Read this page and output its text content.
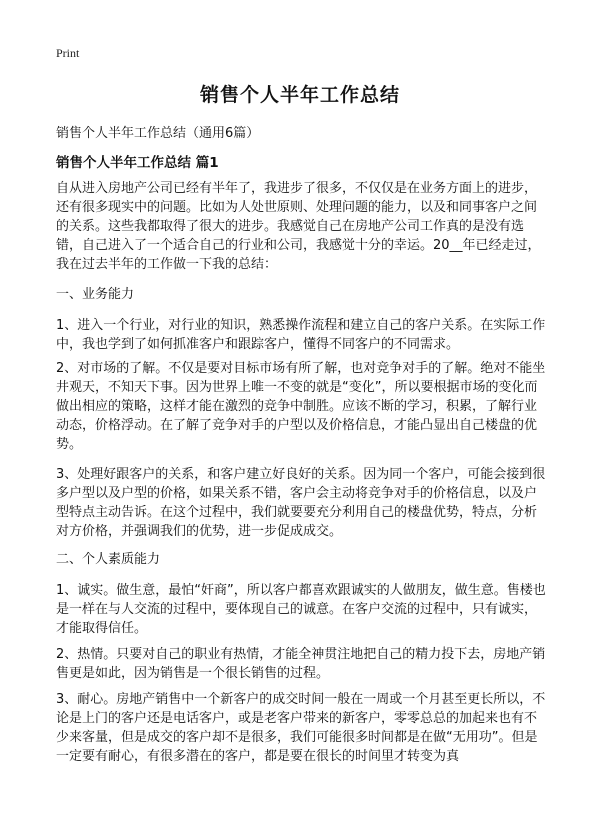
Print
销售个人半年工作总结
销售个人半年工作总结（通用6篇）
销售个人半年工作总结 篇1

自从进入房地产公司已经有半年了，我进步了很多，不仅仅是在业务方面上的进步，还有很多现实中的问题。比如为人处世原则、处理问题的能力，以及和同事客户之间的关系。这些我都取得了很大的进步。我感觉自己在房地产公司工作真的是没有选错，自己进入了一个适合自己的行业和公司，我感觉十分的幸运。20__年已经走过，我在过去半年的工作做一下我的总结：

一、业务能力

1、进入一个行业，对行业的知识，熟悉操作流程和建立自己的客户关系。在实际工作中，我也学到了如何抓准客户和跟踪客户，懂得不同客户的不同需求。

2、对市场的了解。不仅是要对目标市场有所了解，也对竞争对手的了解。绝对不能坐井观天，不知天下事。因为世界上唯一不变的就是“变化”，所以要根据市场的变化而做出相应的策略，这样才能在激烈的竞争中制胜。应该不断的学习，积累，了解行业动态，价格浮动。在了解了竞争对手的户型以及价格信息，才能凸显出自己楼盘的优势。

3、处理好跟客户的关系，和客户建立好良好的关系。因为同一个客户，可能会接到很多户型以及户型的价格，如果关系不错，客户会主动将竞争对手的价格信息，以及户型特点主动告诉。在这个过程中，我们就要要充分利用自己的楼盘优势，特点，分析对方价格，并强调我们的优势，进一步促成成交。

二、个人素质能力

1、诚实。做生意，最怕“奸商”，所以客户都喜欢跟诚实的人做朋友，做生意。售楼也是一样在与人交流的过程中，要体现自己的诚意。在客户交流的过程中，只有诚实，才能取得信任。

2、热情。只要对自己的职业有热情，才能全神贯注地把自己的精力投下去，房地产销售更是如此，因为销售是一个很长销售的过程。

3、耐心。房地产销售中一个新客户的成交时间一般在一周或一个月甚至更长所以，不论是上门的客户还是电话客户，或是老客户带来的新客户，零零总总的加起来也有不少来客量，但是成交的客户却不是很多，我们可能很多时间都是在做“无用功”。但是一定要有耐心，有很多潜在的客户，都是要在很长的时间里才转变为真
